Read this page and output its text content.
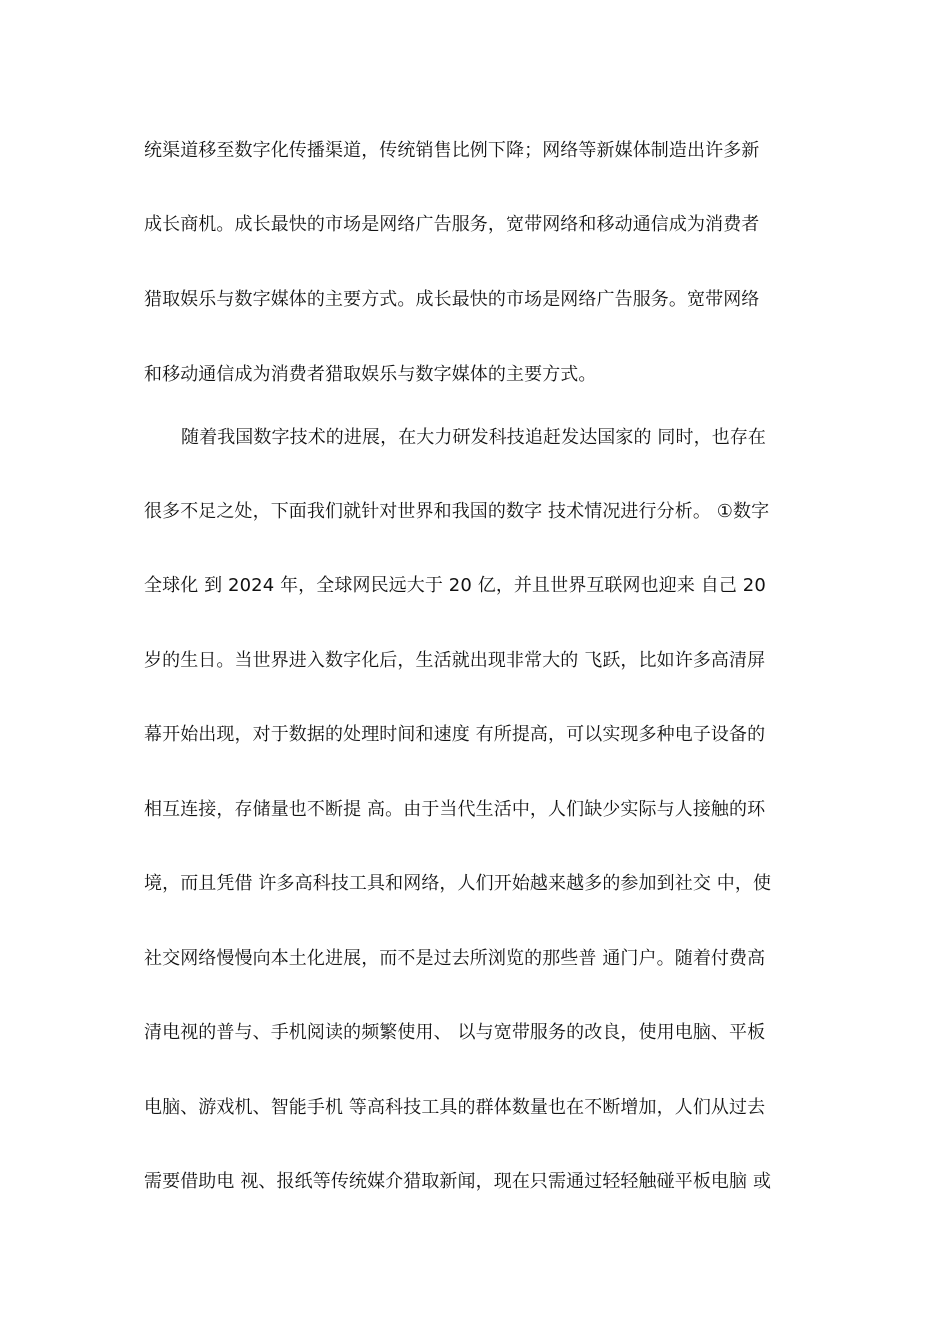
统渠道移至数字化传播渠道，传统销售比例下降；网络等新媒体制造出许多新
成长商机。成长最快的市场是网络广告服务，宽带网络和移动通信成为消费者
猎取娱乐与数字媒体的主要方式。成长最快的市场是网络广告服务。宽带网络
和移动通信成为消费者猎取娱乐与数字媒体的主要方式。
随着我国数字技术的进展，在大力研发科技追赶发达国家的 同时，也存在
很多不足之处，下面我们就针对世界和我国的数字 技术情况进行分析。 ①数字
全球化 到 2024 年，全球网民远大于 20 亿，并且世界互联网也迎来 自己 20
岁的生日。当世界进入数字化后，生活就出现非常大的 飞跃，比如许多高清屏
幕开始出现，对于数据的处理时间和速度 有所提高，可以实现多种电子设备的
相互连接，存储量也不断提 高。由于当代生活中，人们缺少实际与人接触的环
境，而且凭借 许多高科技工具和网络，人们开始越来越多的参加到社交 中，使
社交网络慢慢向本土化进展，而不是过去所浏览的那些普 通门户。随着付费高
清电视的普与、手机阅读的频繁使用、 以与宽带服务的改良，使用电脑、平板
电脑、游戏机、智能手机 等高科技工具的群体数量也在不断增加，人们从过去
需要借助电 视、报纸等传统媒介猎取新闻，现在只需通过轻轻触碰平板电脑 或
